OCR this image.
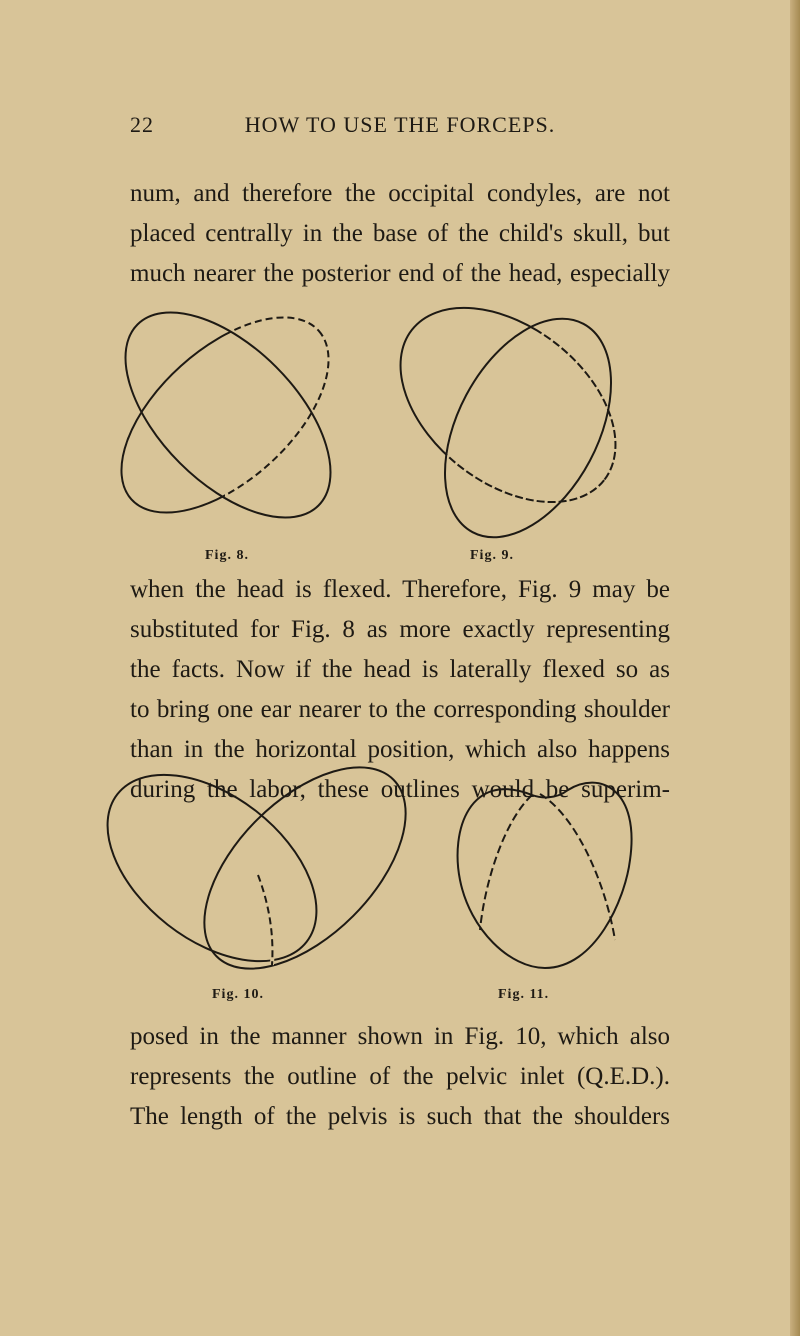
22	HOW TO USE THE FORCEPS.
num, and therefore the occipital condyles, are not
placed centrally in the base of the child's skull, but
much nearer the posterior end of the head, especially
Fig. 8.	Fig. 9.
when the head is flexed. Therefore, Fig. 9 may be
substituted for Fig. 8 as more exactly representing
the facts. Now if the head is laterally flexed so as
to bring one ear nearer to the corresponding shoulder
than in the horizontal position, which also happens
during the labor, these outlines would be superim-
Fig. 10.	Fig. 11.
posed in the manner shown in Fig. 10, which also
represents the outline of the pelvic inlet (Q.E.D.).
The length of the pelvis is such that the shoulders
